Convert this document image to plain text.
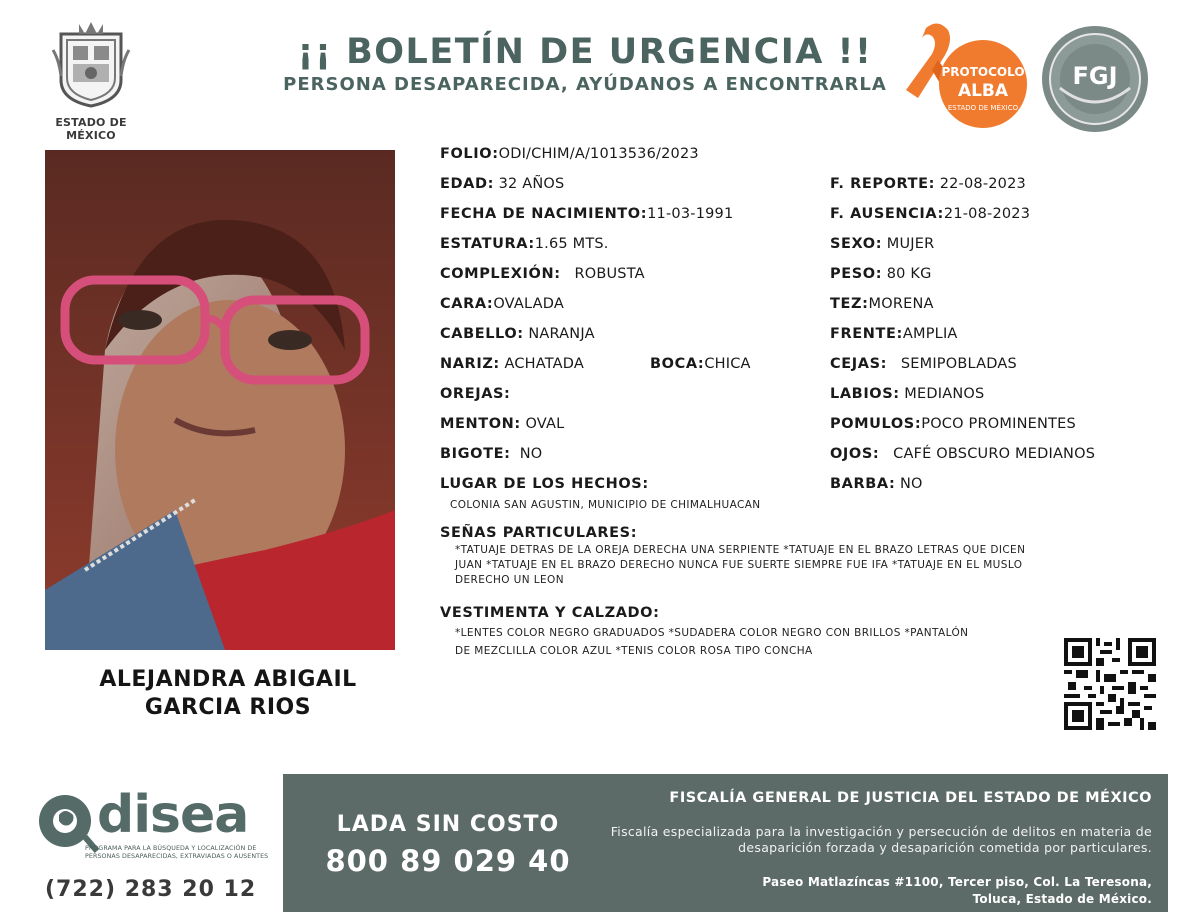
ESTADO DE MÉXICO
¡¡ BOLETÍN DE URGENCIA !!
PERSONA DESAPARECIDA, AYÚDANOS A ENCONTRARLA
PROTOCOLO
ALBA
ESTADO DE MÉXICO
FGJ
ALEJANDRA ABIGAIL
GARCIA RIOS
FOLIO:ODI/CHIM/A/1013536/2023
EDAD: 32 AÑOS
FECHA DE NACIMIENTO:11-03-1991
ESTATURA:1.65 MTS.
COMPLEXIÓN: ROBUSTA
CARA:OVALADA
CABELLO: NARANJA
NARIZ: ACHATADA	BOCA:CHICA
OREJAS:
MENTON: OVAL
BIGOTE: NO
LUGAR DE LOS HECHOS:
COLONIA SAN AGUSTIN, MUNICIPIO DE CHIMALHUACAN
F. REPORTE: 22-08-2023
F. AUSENCIA:21-08-2023
SEXO: MUJER
PESO: 80 KG
TEZ:MORENA
FRENTE:AMPLIA
CEJAS: SEMIPOBLADAS
LABIOS: MEDIANOS
POMULOS:POCO PROMINENTES
OJOS: CAFÉ OBSCURO MEDIANOS
BARBA: NO
SEÑAS PARTICULARES:
*TATUAJE DETRAS DE LA OREJA DERECHA UNA SERPIENTE *TATUAJE EN EL BRAZO LETRAS QUE DICEN
JUAN *TATUAJE EN EL BRAZO DERECHO NUNCA FUE SUERTE SIEMPRE FUE IFA *TATUAJE EN EL MUSLO
DERECHO UN LEON
VESTIMENTA Y CALZADO:
*LENTES COLOR NEGRO GRADUADOS *SUDADERA COLOR NEGRO CON BRILLOS *PANTALÓN
DE MEZCLILLA COLOR AZUL *TENIS COLOR ROSA TIPO CONCHA
disea
PROGRAMA PARA LA BÚSQUEDA Y LOCALIZACIÓN DE PERSONAS DESAPARECIDAS, EXTRAVIADAS O AUSENTES
(722) 283 20 12
LADA SIN COSTO
800 89 029 40
FISCALÍA GENERAL DE JUSTICIA DEL ESTADO DE MÉXICO
Fiscalía especializada para la investigación y persecución de delitos en materia de desaparición forzada y desaparición cometida por particulares.
Paseo Matlazíncas #1100, Tercer piso, Col. La Teresona,
Toluca, Estado de México.
